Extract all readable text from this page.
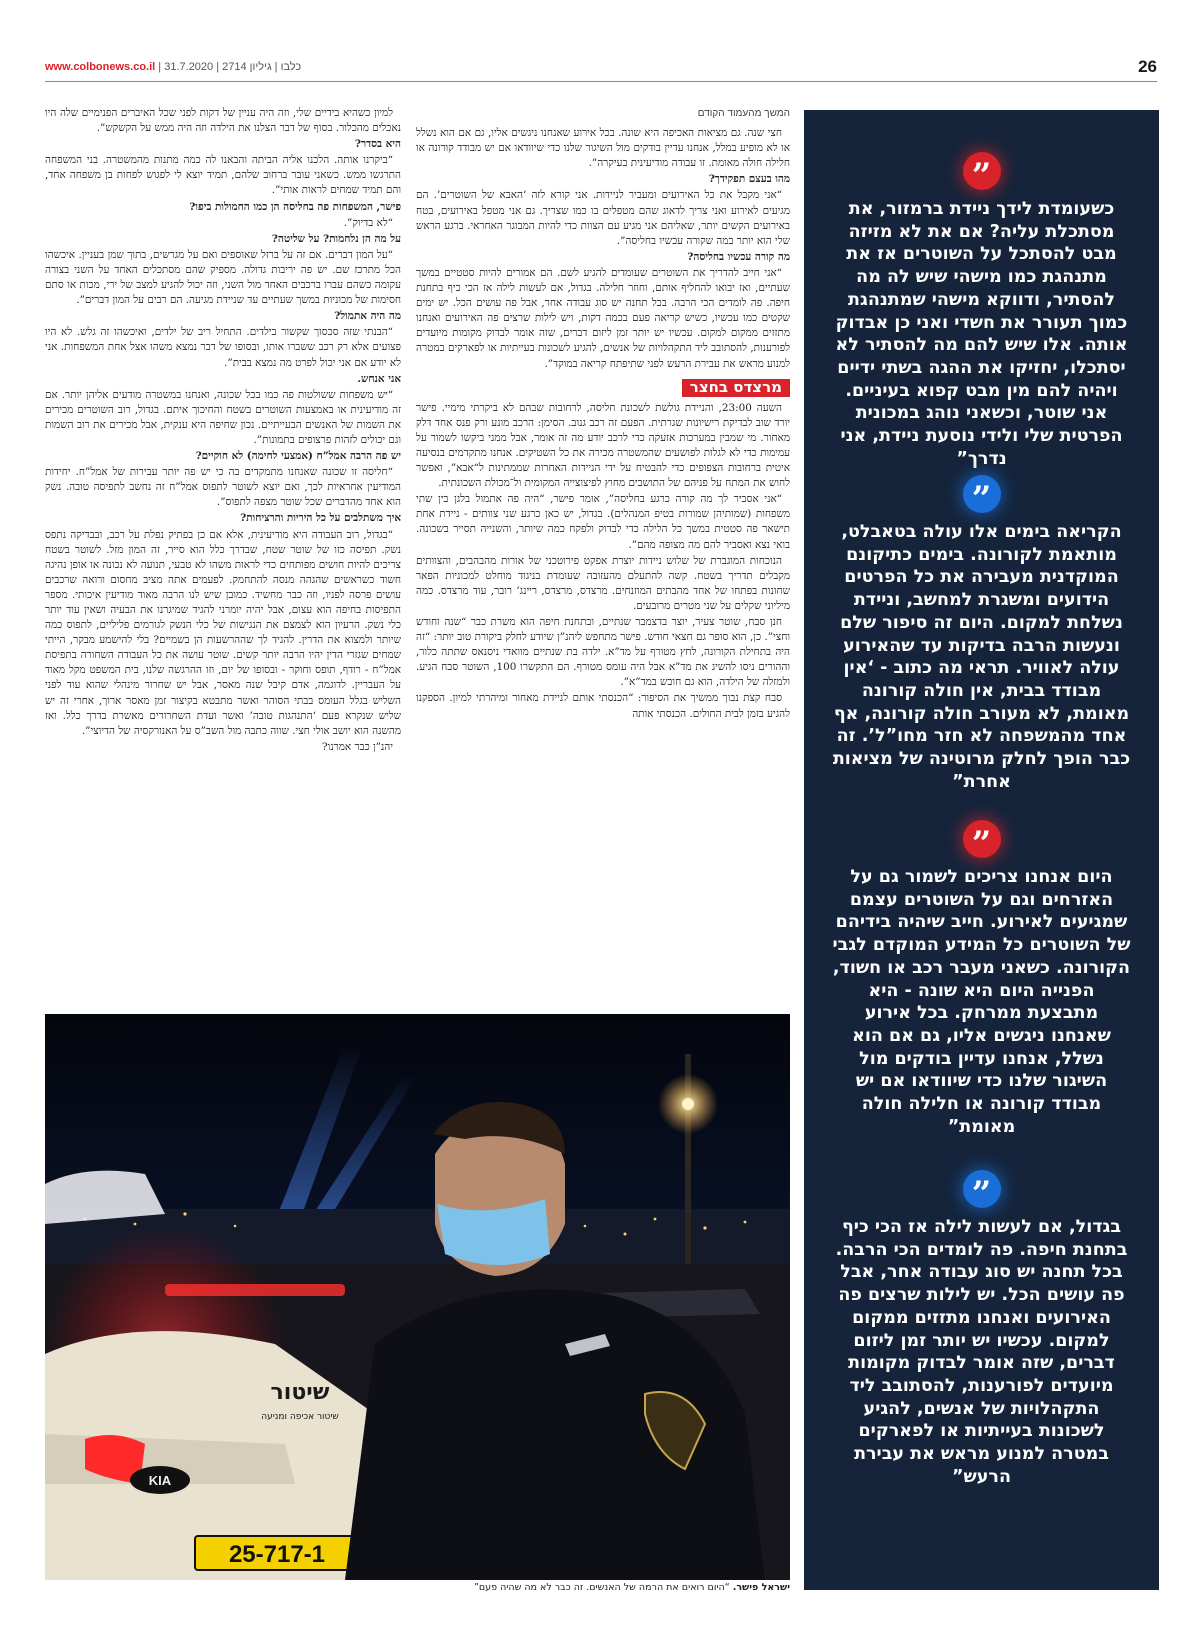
www.colbonews.co.il |	כלבו | גיליון 2714 | 31.7.2020	26

למיון כשהיא בידיים שלי, וזה היה עניין של דקות לפני שכל האיברים הפנימיים שלה היו נאכלים מהכלור. בסוף של דבר הצלנו את הילדה וזה היה ממש על הקשקש”.

היא בסדר?

“ביקרנו אותה. הלכנו אליה הביתה והבאנו לה כמה מתנות מהמשטרה. בני המשפחה התרגשו ממש. כשאני עובר ברחוב שלהם, תמיד יוצא לי לפגוש לפחות בן משפחה אחד, והם תמיד שמחים לראות אותי”.

פישר, המשפחות פה בחליסה הן כמו החמולות ביפו?

“לא בדיוק”.

על מה הן נלחמות? על שליטה?

“על המון דברים. אם זה על ברזל שאוספים ואם על מגרשים, בתוך שמן בעניין. איכשהו הכל מתרכז שם. יש פה יריבות גדולה. מספיק שהם מסתכלים האחד על השני בצורה עקומה כשהם עברו ברכבים האחד מול השני, וזה יכול להגיע למצב של ירי, מכות או סתם חסימות של מכוניות במשך שעתיים עד שניידת מגיעה. הם רבים על המון דברים”.

מה היה אתמול?

“הבנתי שזה סכסוך שקשור בילדים. התחיל ריב של ילדים, ואיכשהו זה גלש. לא היו פצועים אלא רק רכב ששברו אותו, ובסופו של דבר נמצא משהו אצל אחת המשפחות. אני לא יודע אם אני יכול לפרט מה נמצא בבית”.

אני אנחש.

“יש משפחות ששולטות פה כמו בכל שכונה, ואנחנו במשטרה מודעים אליהן יותר. אם זה מודיעינית או באמצעות השוטרים בשטח והחיכוך איתם. בגדול, רוב השוטרים מכירים את השמות של האנשים הבעייתיים. נכון שחיפה היא ענקית, אבל מכירים את רוב השמות וגם יכולים לזהות פרצופים בתמונות”.

יש פה הרבה אמל”ח (אמצעי לחימה) לא חוקיים?

“חליסה זו שכונה שאנחנו מתמקדים בה כי יש פה יותר עבירות של אמל”ח. יחידות המודיעין אחראיות לכך, ואם יוצא לשוטר לתפוס אמל”ח זה נחשב לתפיסה טובה. נשק הוא אחד מהדברים שכל שוטר מצפה לתפוס”.

איך משתלבים על כל היריות והרציחות?

“בגדול, רוב העבודה היא מודיעינית, אלא אם כן בפתיק נפלת על רכב, ובבדיקה נתפס נשק. תפיסה כזו של שוטר שטח, שבדרך כלל הוא סייר, זה המון מזל. לשוטר בשטח צריכים להיות חושים מפותחים כדי לראות משהו לא טבעי, תנועה לא נכונה או אופן נהיגה חשוד כשראשים שהגהה מנסה להתחמק. לפעמים אתה מציב מחסום ורואה שרכבים עושים פרסה לפניו, וזה כבר מחשיד. כמובן שיש לנו הרבה מאוד מודיעין איכותי. מספר התפיסות בחיפה הוא עצום, אבל יהיה יומרני להגיד שמיגרנו את הבעיה ושאין עוד יותר כלי נשק. הרעיון הוא לצמצם את הנגישות של כלי הנשק לגורמים פליליים, לתפוס כמה שיותר ולמצוא את הדרין. להגיד לך שההרשעות הן בשמיים? בלי להישמע מבקר, הייתי שמחים שגזרי הדין יהיו הרבה יותר קשים. שוטר עושה את כל העבודה השחורה בתפיסת אמל”ח - רודף, תופס וחוקר - ובסופו של יום, וזו ההרגשה שלנו, בית המשפט מקל מאוד על העבריין. לדוגמה, אדם קיבל שנה מאסר, אבל יש שחרור מינהלי שהוא עוד לפני השליש בגלל העומס בבתי הסוהר ואשר מתבטא בקיצור זמן מאסר ארוך, אחרי זה יש שליש שנקרא פעם ‘התנהגות טובה’ ואשר ועדת השחרורים מאשרת בדרך כלל. ואז מהשנה הוא יושב אולי חצי. שווה כתבה מול השב”ס על האנורקסיה של הדיוצי”.

יהנ”ן כבר אמרנו?

המשך מהעמוד הקודם

חצי שנה. גם מציאות האכיפה היא שונה. בכל אירוע שאנחנו ניגשים אליו, גם אם הוא נשלל או לא מופיע במלל, אנחנו עדיין בודקים מול השיגור שלנו כדי שיוודאו אם יש מבודד קורונה או חלילה חולה מאומת. זו עבודה מודיעינית בעיקרה”.

מהו בעצם תפקידך?

“אני מקבל את כל האירועים ומעביר לניידות. אני קורא לזה ‘האבא של השוטרים’. הם מגיעים לאירוע ואני צריך לדאוג שהם מטפלים בו כמו שצריך. גם אני מטפל באירועים, בטח באירועים הקשים יותר, שאליהם אני מגיע עם הצוות כדי להיות המבוגר האחראי. ברגע הראש שלי הוא יותר במה שקורה עכשיו בחליסה”.

מה קורה עכשיו בחליסה?

“אני חייב להדריך את השוטרים שעומדים להגיע לשם. הם אמורים להיות סטטיים במשך שעתיים, ואז יבואו להחליף אותם, וחוזר חלילה. בגדול, אם לעשות לילה אז הכי כיף בתחנת חיפה. פה לומדים הכי הרבה. בכל תחנה יש סוג עבודה אחר, אבל פה עושים הכל. יש ימים שקטים כמו עכשיו, כשיש קריאה פעם בכמה דקות, ויש לילות שרצים פה האירועים ואנחנו מתזזים ממקום למקום. עכשיו יש יותר זמן ליזום דברים, שזה אומר לבדוק מקומות מיועדים לפורענות, להסתובב ליד התקהלויות של אנשים, להגיע לשכונות בעייתיות או לפארקים במטרה למנוע מראש את עבירת הרעש לפני שתיפתח קריאה במוקד”.

מרצדס בחצר

השעה 23:00, והניידת גולשת לשכונת חליסה, לרחובות שבהם לא ביקרתי מימיי. פישר יורד שוב לבדיקת רישיונות שגרתית. הפעם זה רכב גנוב. הסימן: הרכב מונע ורק פנס אחד דלק מאחור. מי שמבין במערכות אזעקה כדי לרכב יודע מה זה אומר, אבל ממני ביקשו לשמור על עמימות כדי לא לגלות לפושעים שהמשטרה מכירה את כל השטיקים. אנחנו מתקדמים בנסיעה איטית ברחובות הצפופים כדי להבטיח על ידי הניידות האחרות שממתינות ל“אבא”, ואפשר לחוש את המתח על פניהם של התושבים מחוץ לפיצוצייה המקומית ול־מכולת השכונתית.

“אני אסביר לך מה קורה כרגע בחליסה”, אומר פישר, “היה פה אתמול בלגן בין שתי משפחות (שמותיהן שמורות בטיפ המנהלים). בגדול, יש כאן כרגע שני צוותים - ניידת אחת תישאר פה סטטית במשך כל הלילה כדי לבדוק ולפקח כמה שיותר, והשנייה תסייר בשכונה. בואי נצא ואסביר להם מה מצופה מהם”.

הנוכחות המוגברת של שלוש ניידות יוצרת אפקט פירוטכני של אורות מהבהבים, והצוותים מקבלים תדריך בשטח. קשה להתעלם מהעזובה שעומדת בניגוד מוחלט למכוניות הפאר שחונות בפתחו של אחד מהבתים המוזנחים. מרצדס, מרצדס, ריינג’ רובר, עוד מרצדס. כמה מיליוני שקלים על שני מטרים מרובעים.

חנן סבח, שוטר צעיר, יוצר בדצמבר שנתיים, ובתחנת חיפה הוא משרת כבר “שנה וחודש וחצי”. כן, הוא סופר גם חצאי חודש. פישר מתחפש ליהנ”ן שיודע לחלק ביקורת טוב יותר: “זה היה בתחילת הקורונה, לחץ מטורף על מד”א. ילדה בת שנתיים מוואדי ניסנאס שתתה כלור, וההורים ניסו להשיג את מד”א אבל היה עומס מטורף. הם התקשרו 100, השוטר סבח הגיע. ולמזלה של הילדה, הוא גם חובש במד”א”.

סבח קצת נבוך ממשיך את הסיפור: “הכנסתי אותם לניידת מאחור ומיהרתי למיון. הספקנו להגיע בזמן לבית החולים. הכנסתי אותה

”
כשעומדת לידך ניידת ברמזור, את מסתכלת עליה? אם את לא מזיזה מבט להסתכל על השוטרים אז את מתנהגת כמו מישהי שיש לה מה להסתיר, ודווקא מישהי שמתנהגת כמוך תעורר את חשדי ואני כן אבדוק אותה. אלו שיש להם מה להסתיר לא יסתכלו, יחזיקו את ההגה בשתי ידיים ויהיה להם מין מבט קפוא בעיניים. אני שוטר, וכשאני נוהג במכונית הפרטית שלי ולידי נוסעת ניידת, אני נדרך”
”
הקריאה בימים אלו עולה בטאבלט, מותאמת לקורונה. בימים כתיקונם המוקדנית מעבירה את כל הפרטים הידועים ומשגרת למחשב, וניידת נשלחת למקום. היום זה סיפור שלם ונעשות הרבה בדיקות עד שהאירוע עולה לאוויר. תראי מה כתוב - ‘אין מבודד בבית, אין חולה קורונה מאומת, לא מעורב חולה קורונה, אף אחד מהמשפחה לא חזר מחו”ל’. זה כבר הופך לחלק מרוטינה של מציאות אחרת”
”
היום אנחנו צריכים לשמור גם על האזרחים וגם על השוטרים עצמם שמגיעים לאירוע. חייב שיהיה בידיהם של השוטרים כל המידע המוקדם לגבי הקורונה. כשאני מעבר רכב או חשוד, הפנייה היום היא שונה - היא מתבצעת ממרחק. בכל אירוע שאנחנו ניגשים אליו, גם אם הוא נשלל, אנחנו עדיין בודקים מול השיגור שלנו כדי שיוודאו אם יש מבודד קורונה או חלילה חולה מאומת”
”
בגדול, אם לעשות לילה אז הכי כיף בתחנת חיפה. פה לומדים הכי הרבה. בכל תחנה יש סוג עבודה אחר, אבל פה עושים הכל. יש לילות שרצים פה האירועים ואנחנו מתזזים ממקום למקום. עכשיו יש יותר זמן ליזום דברים, שזה אומר לבדוק מקומות מיועדים לפורענות, להסתובב ליד התקהלויות של אנשים, להגיע לשכונות בעייתיות או לפארקים במטרה למנוע מראש את עבירת הרעש”
KIA
שיטור
שיטור אכיפה ומניעה
25-717-1
ישראל פישר. “היום רואים את הרמה של האנשים. זה כבר לא מה שהיה פעם”
